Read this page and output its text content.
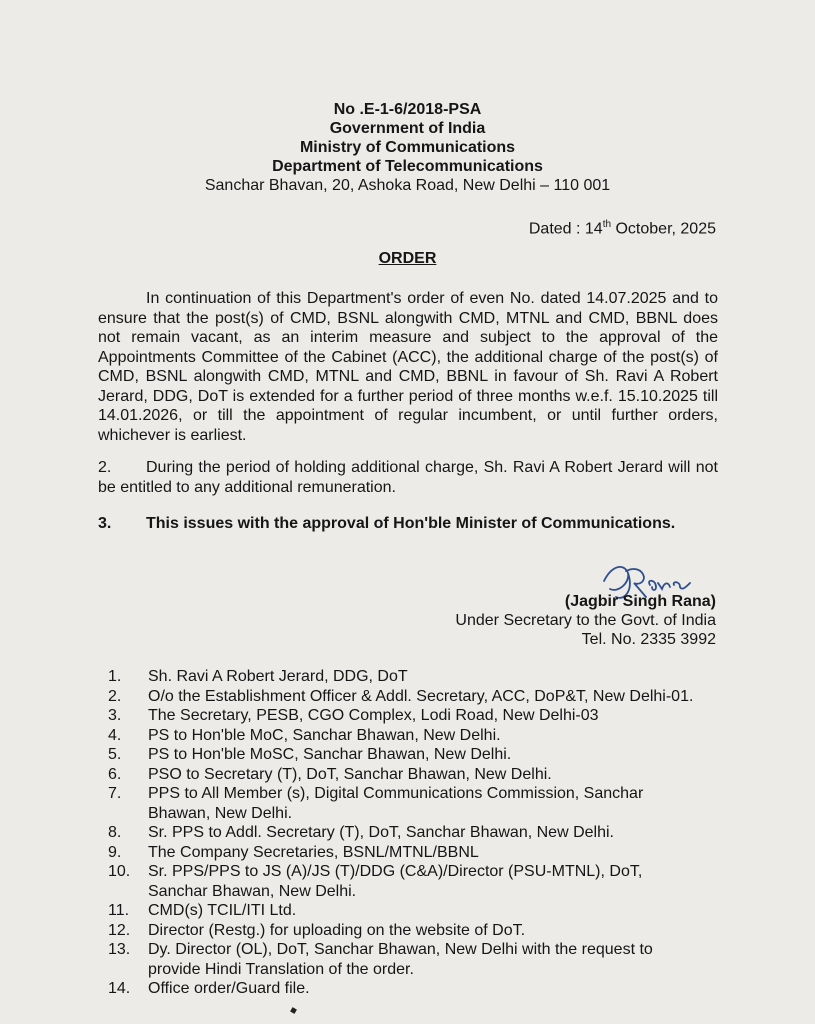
No .E-1-6/2018-PSA
Government of India
Ministry of Communications
Department of Telecommunications
Sanchar Bhavan, 20, Ashoka Road, New Delhi – 110 001
Dated : 14th October, 2025
ORDER

In continuation of this Department's order of even No. dated 14.07.2025 and to ensure that the post(s) of CMD, BSNL alongwith CMD, MTNL and CMD, BBNL does not remain vacant, as an interim measure and subject to the approval of the Appointments Committee of the Cabinet (ACC), the additional charge of the post(s) of CMD, BSNL alongwith CMD, MTNL and CMD, BBNL in favour of Sh. Ravi A Robert Jerard, DDG, DoT is extended for a further period of three months w.e.f. 15.10.2025 till 14.01.2026, or till the appointment of regular incumbent, or until further orders, whichever is earliest.

2. During the period of holding additional charge, Sh. Ravi A Robert Jerard will not be entitled to any additional remuneration.

3. This issues with the approval of Hon'ble Minister of Communications.
(Jagbir Singh Rana)
Under Secretary to the Govt. of India
Tel. No. 2335 3992
1.	Sh. Ravi A Robert Jerard, DDG, DoT
2.	O/o the Establishment Officer & Addl. Secretary, ACC, DoP&T, New Delhi-01.
3.	The Secretary, PESB, CGO Complex, Lodi Road, New Delhi-03
4.	PS to Hon'ble MoC, Sanchar Bhawan, New Delhi.
5.	PS to Hon'ble MoSC, Sanchar Bhawan, New Delhi.
6.	PSO to Secretary (T), DoT, Sanchar Bhawan, New Delhi.
7.	PPS to All Member (s), Digital Communications Commission, Sanchar Bhawan, New Delhi.
8.	Sr. PPS to Addl. Secretary (T), DoT, Sanchar Bhawan, New Delhi.
9.	The Company Secretaries, BSNL/MTNL/BBNL
10.	Sr. PPS/PPS to JS (A)/JS (T)/DDG (C&A)/Director (PSU-MTNL), DoT, Sanchar Bhawan, New Delhi.
11.	CMD(s) TCIL/ITI Ltd.
12.	Director (Restg.) for uploading on the website of DoT.
13.	Dy. Director (OL), DoT, Sanchar Bhawan, New Delhi with the request to provide Hindi Translation of the order.
14.	Office order/Guard file.
